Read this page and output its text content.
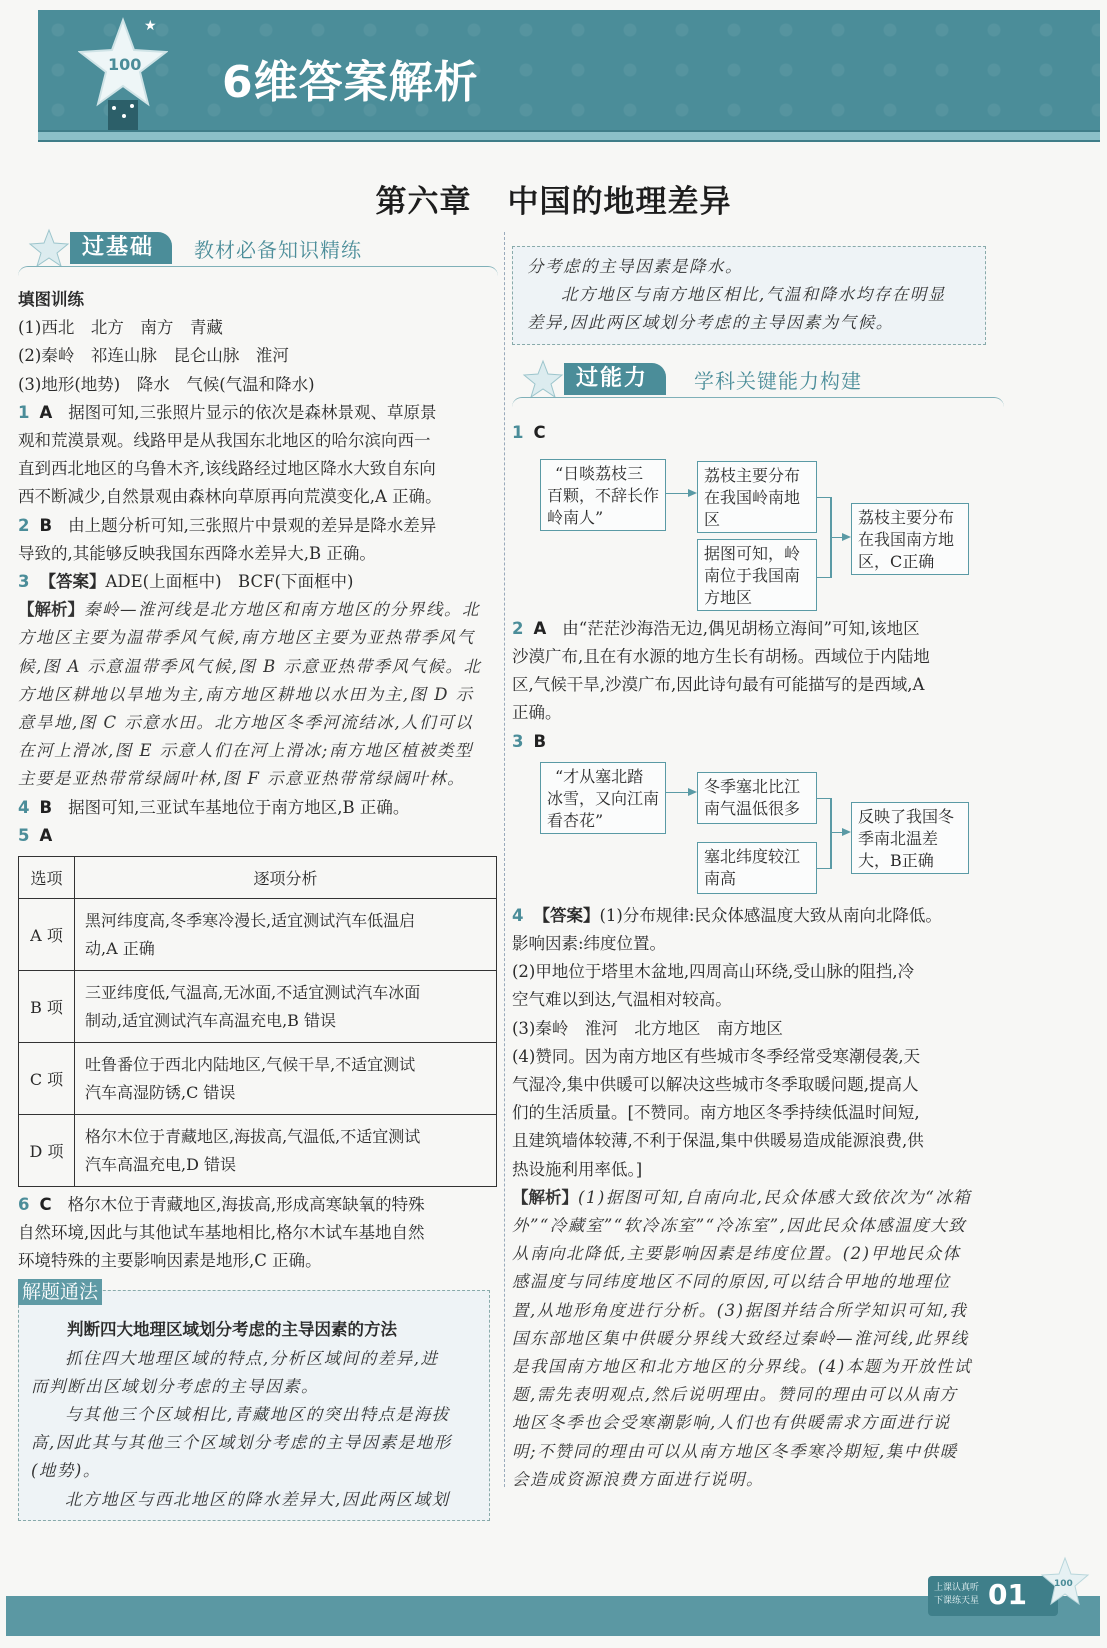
100
★
6维答案解析
第六章 中国的地理差异
过基础	教材必备知识精练
填图训练
(1)西北　北方　南方　青藏
(2)秦岭　祁连山脉　昆仑山脉　淮河
(3)地形(地势)　降水　气候(气温和降水)
1 A 据图可知,三张照片显示的依次是森林景观、草原景
观和荒漠景观。线路甲是从我国东北地区的哈尔滨向西一
直到西北地区的乌鲁木齐,该线路经过地区降水大致自东向
西不断减少,自然景观由森林向草原再向荒漠变化,A 正确。
2 B 由上题分析可知,三张照片中景观的差异是降水差异
导致的,其能够反映我国东西降水差异大,B 正确。
3 【答案】ADE(上面框中)　BCF(下面框中)
【解析】秦岭—淮河线是北方地区和南方地区的分界线。北
方地区主要为温带季风气候,南方地区主要为亚热带季风气
候,图 A 示意温带季风气候,图 B 示意亚热带季风气候。北
方地区耕地以旱地为主,南方地区耕地以水田为主,图 D 示
意旱地,图 C 示意水田。北方地区冬季河流结冰,人们可以
在河上滑冰,图 E 示意人们在河上滑冰;南方地区植被类型
主要是亚热带常绿阔叶林,图 F 示意亚热带常绿阔叶林。
4 B 据图可知,三亚试车基地位于南方地区,B 正确。
5 A
选项	逐项分析
A 项	黑河纬度高,冬季寒冷漫长,适宜测试汽车低温启
动,A 正确

B 项	三亚纬度低,气温高,无冰面,不适宜测试汽车冰面
制动,适宜测试汽车高温充电,B 错误

C 项	吐鲁番位于西北内陆地区,气候干旱,不适宜测试
汽车高湿防锈,C 错误

D 项	格尔木位于青藏地区,海拔高,气温低,不适宜测试
汽车高温充电,D 错误
6 C 格尔木位于青藏地区,海拔高,形成高寒缺氧的特殊
自然环境,因此与其他试车基地相比,格尔木试车基地自然
环境特殊的主要影响因素是地形,C 正确。
解题通法
判断四大地理区域划分考虑的主导因素的方法
抓住四大地理区域的特点,分析区域间的差异,进
而判断出区域划分考虑的主导因素。
与其他三个区域相比,青藏地区的突出特点是海拔
高,因此其与其他三个区域划分考虑的主导因素是地形
(地势)。
北方地区与西北地区的降水差异大,因此两区域划
分考虑的主导因素是降水。
北方地区与南方地区相比,气温和降水均存在明显
差异,因此两区域划分考虑的主导因素为气候。
过能力	学科关键能力构建
1 C
“日啖荔枝三百颗，不辞长作岭南人”
荔枝主要分布在我国岭南地区
据图可知，岭南位于我国南方地区
荔枝主要分布在我国南方地区，C正确
2 A 由“茫茫沙海浩无边,偶见胡杨立海间”可知,该地区
沙漠广布,且在有水源的地方生长有胡杨。西域位于内陆地
区,气候干旱,沙漠广布,因此诗句最有可能描写的是西域,A
正确。
3 B
“才从塞北踏冰雪，又向江南看杏花”
冬季塞北比江南气温低很多
塞北纬度较江南高
反映了我国冬季南北温差大，B正确
4 【答案】(1)分布规律:民众体感温度大致从南向北降低。
影响因素:纬度位置。
(2)甲地位于塔里木盆地,四周高山环绕,受山脉的阻挡,冷
空气难以到达,气温相对较高。
(3)秦岭　淮河　北方地区　南方地区
(4)赞同。因为南方地区有些城市冬季经常受寒潮侵袭,天
气湿冷,集中供暖可以解决这些城市冬季取暖问题,提高人
们的生活质量。[不赞同。南方地区冬季持续低温时间短,
且建筑墙体较薄,不利于保温,集中供暖易造成能源浪费,供
热设施利用率低。]
【解析】(1)据图可知,自南向北,民众体感大致依次为“冰箱
外”“冷藏室”“软冷冻室”“冷冻室”,因此民众体感温度大致
从南向北降低,主要影响因素是纬度位置。(2)甲地民众体
感温度与同纬度地区不同的原因,可以结合甲地的地理位
置,从地形角度进行分析。(3)据图并结合所学知识可知,我
国东部地区集中供暖分界线大致经过秦岭—淮河线,此界线
是我国南方地区和北方地区的分界线。(4)本题为开放性试
题,需先表明观点,然后说明理由。赞同的理由可以从南方
地区冬季也会受寒潮影响,人们也有供暖需求方面进行说
明;不赞同的理由可以从南方地区冬季寒冷期短,集中供暖
会造成资源浪费方面进行说明。
上课认真听
下课练天星 01	100
